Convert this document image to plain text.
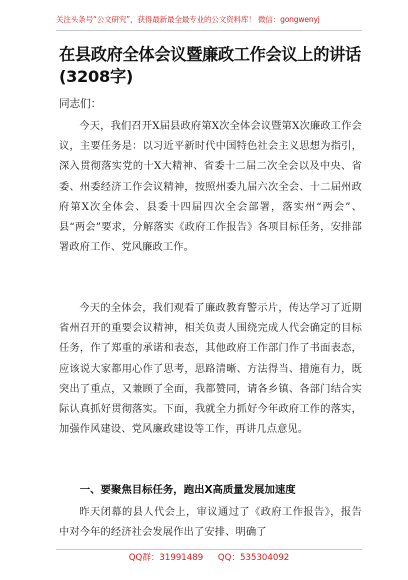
关注头条号“公文研究”，获得最新最全最专业的公文资料库！ 微信：gongwenyj
在县政府全体会议暨廉政工作会议上的讲话(3208字)
同志们：
今天，我们召开X届县政府第X次全体会议暨第X次廉政工作会议，主要任务是：以习近平新时代中国特色社会主义思想为指引，深入贯彻落实党的十X大精神、省委十二届二次全会以及中央、省委、州委经济工作会议精神，按照州委九届六次全会、十二届州政府第X次全体会、县委十四届四次全会部署，落实州“两会”、县“两会”要求，分解落实《政府工作报告》各项目标任务，安排部署政府工作、党风廉政工作。
今天的全体会，我们观看了廉政教育警示片，传达学习了近期省州召开的重要会议精神，相关负责人围绕完成人代会确定的目标任务，作了郑重的承诺和表态，其他政府工作部门作了书面表态，应该说大家都用心作了思考，思路清晰、方法得当、措施有力，既突出了重点，又兼顾了全面，我都赞同，请各乡镇、各部门结合实际认真抓好贯彻落实。下面，我就全力抓好今年政府工作的落实，加强作风建设、党风廉政建设等工作，再讲几点意见。
一、要聚焦目标任务，跑出X高质量发展加速度
昨天闭幕的县人代会上，审议通过了《政府工作报告》，报告中对今年的经济社会发展作出了安排、明确了
QQ群：31991489 QQ：535304092
